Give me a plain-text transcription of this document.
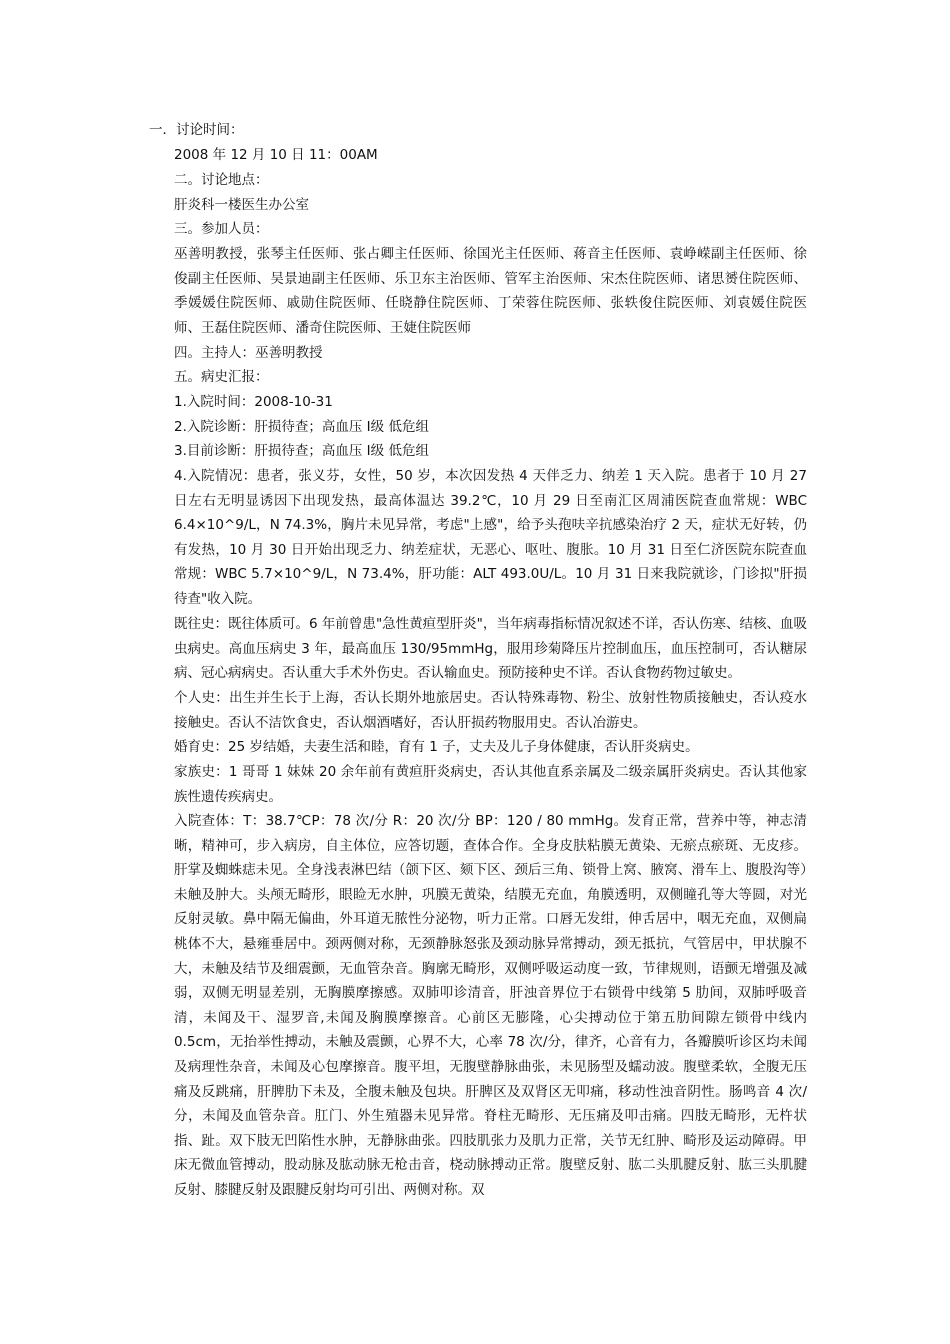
一．讨论时间：
2008 年 12 月 10 日 11：00AM
二。讨论地点：
肝炎科一楼医生办公室
三。参加人员：
巫善明教授，张琴主任医师、张占卿主任医师、徐国光主任医师、蒋音主任医师、袁峥嵘副主任医师、徐俊副主任医师、吴景迪副主任医师、乐卫东主治医师、管军主治医师、宋杰住院医师、诸思赟住院医师、季媛媛住院医师、戚勋住院医师、任晓静住院医师、丁荣蓉住院医师、张轶俊住院医师、刘袁媛住院医师、王磊住院医师、潘奇住院医师、王婕住院医师
四。主持人：巫善明教授
五。病史汇报：
1.入院时间：2008-10-31
2.入院诊断：肝损待查；高血压 Ⅰ级 低危组
3.目前诊断：肝损待查；高血压 Ⅰ级 低危组
4.入院情况：患者，张义芬，女性，50 岁，本次因发热 4 天伴乏力、纳差 1 天入院。患者于 10 月 27 日左右无明显诱因下出现发热，最高体温达 39.2℃，10 月 29 日至南汇区周浦医院查血常规：WBC 6.4×10^9/L，N 74.3%，胸片未见异常，考虑"上感"，给予头孢呋辛抗感染治疗 2 天，症状无好转，仍有发热，10 月 30 日开始出现乏力、纳差症状，无恶心、呕吐、腹胀。10 月 31 日至仁济医院东院查血常规：WBC 5.7×10^9/L，N 73.4%，肝功能：ALT 493.0U/L。10 月 31 日来我院就诊，门诊拟"肝损待查"收入院。
既往史：既往体质可。6 年前曾患"急性黄疸型肝炎"，当年病毒指标情况叙述不详，否认伤寒、结核、血吸虫病史。高血压病史 3 年，最高血压 130/95mmHg，服用珍菊降压片控制血压，血压控制可，否认糖尿病、冠心病病史。否认重大手术外伤史。否认输血史。预防接种史不详。否认食物药物过敏史。
个人史：出生并生长于上海，否认长期外地旅居史。否认特殊毒物、粉尘、放射性物质接触史，否认疫水接触史。否认不洁饮食史，否认烟酒嗜好，否认肝损药物服用史。否认冶游史。
婚育史：25 岁结婚，夫妻生活和睦，育有 1 子，丈夫及儿子身体健康，否认肝炎病史。
家族史：1 哥哥 1 妹妹 20 余年前有黄疸肝炎病史，否认其他直系亲属及二级亲属肝炎病史。否认其他家族性遗传疾病史。
入院查体：T：38.7℃P：78 次/分 R：20 次/分 BP：120 / 80 mmHg。发育正常，营养中等，神志清晰，精神可，步入病房，自主体位，应答切题，查体合作。全身皮肤粘膜无黄染、无瘀点瘀斑、无皮疹。肝掌及蜘蛛痣未见。全身浅表淋巴结（颌下区、颏下区、颈后三角、锁骨上窝、腋窝、滑车上、腹股沟等）未触及肿大。头颅无畸形，眼睑无水肿，巩膜无黄染，结膜无充血，角膜透明，双侧瞳孔等大等圆，对光反射灵敏。鼻中隔无偏曲，外耳道无脓性分泌物，听力正常。口唇无发绀，伸舌居中，咽无充血，双侧扁桃体不大，悬雍垂居中。颈两侧对称，无颈静脉怒张及颈动脉异常搏动，颈无抵抗，气管居中，甲状腺不大，未触及结节及细震颤，无血管杂音。胸廓无畸形，双侧呼吸运动度一致，节律规则，语颤无增强及减弱，双侧无明显差别，无胸膜摩擦感。双肺叩诊清音，肝浊音界位于右锁骨中线第 5 肋间，双肺呼吸音清，未闻及干、湿罗音,未闻及胸膜摩擦音。心前区无膨隆，心尖搏动位于第五肋间隙左锁骨中线内 0.5cm，无抬举性搏动，未触及震颤，心界不大，心率 78 次/分，律齐，心音有力，各瓣膜听诊区均未闻及病理性杂音，未闻及心包摩擦音。腹平坦，无腹壁静脉曲张，未见肠型及蠕动波。腹壁柔软，全腹无压痛及反跳痛，肝脾肋下未及，全腹未触及包块。肝脾区及双肾区无叩痛，移动性浊音阴性。肠鸣音 4 次/分，未闻及血管杂音。肛门、外生殖器未见异常。脊柱无畸形、无压痛及叩击痛。四肢无畸形，无杵状指、趾。双下肢无凹陷性水肿，无静脉曲张。四肢肌张力及肌力正常，关节无红肿、畸形及运动障碍。甲床无微血管搏动，股动脉及肱动脉无枪击音，桡动脉搏动正常。腹壁反射、肱二头肌腱反射、肱三头肌腱反射、膝腱反射及跟腱反射均可引出、两侧对称。双
